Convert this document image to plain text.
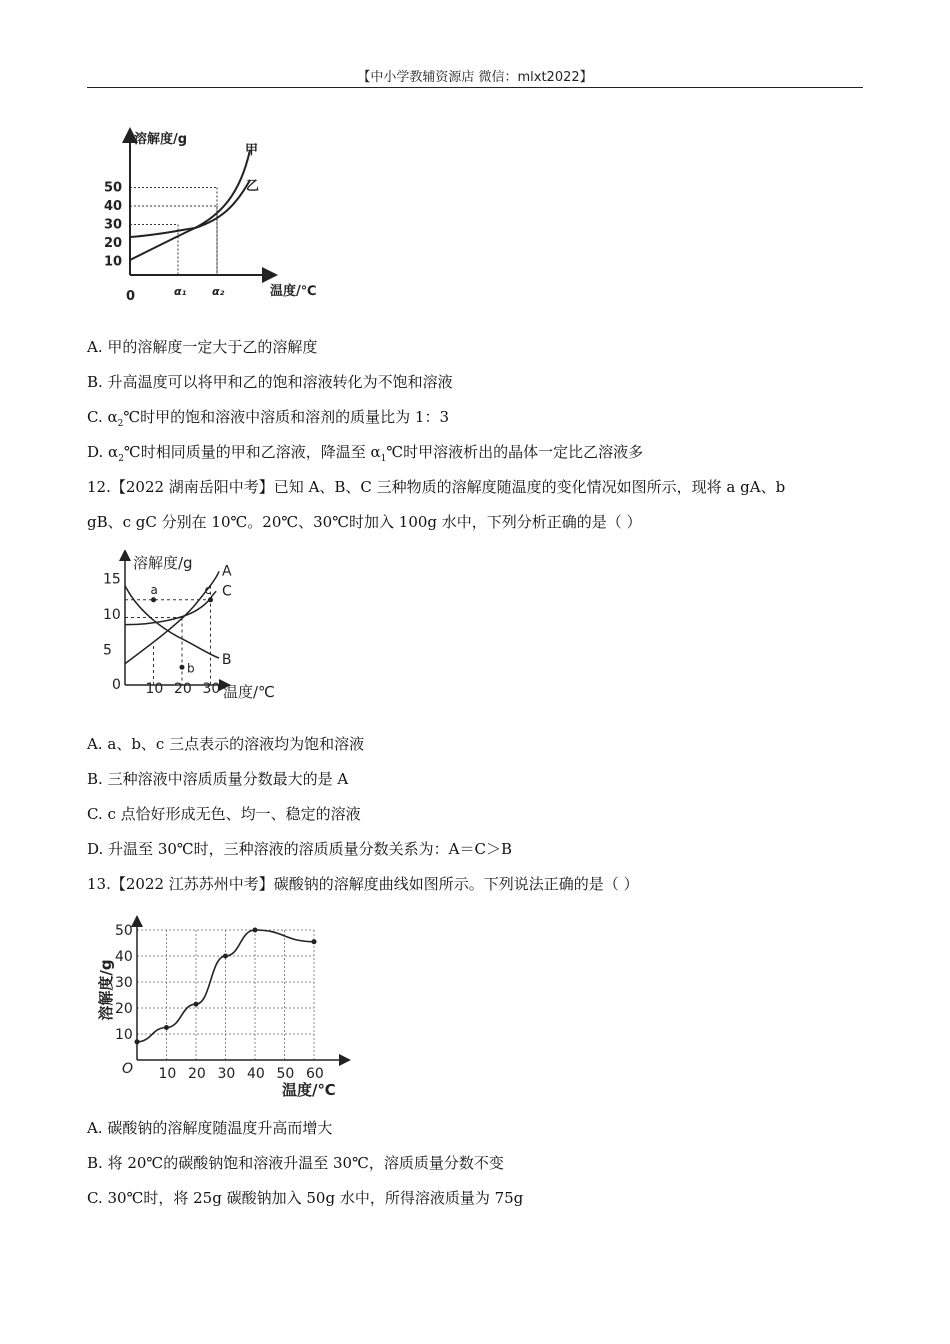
【中小学教辅资源店 微信：mlxt2022】
溶解度/g
温度/℃
0
10
20
30
40
50
甲
乙
α₁ α₂
A. 甲的溶解度一定大于乙的溶解度
B. 升高温度可以将甲和乙的饱和溶液转化为不饱和溶液
C. $\alpha_2℃$时甲的饱和溶液中溶质和溶剂的质量比为 1：3
D. $\alpha_2℃$时相同质量的甲和乙溶液，降温至 $\alpha_1℃$时甲溶液析出的晶体一定比乙溶液多
12.【2022 湖南岳阳中考】已知 A、B、C 三种物质的溶解度随温度的变化情况如图所示，现将 a gA、b
gB、c gC 分别在 10℃。20℃、30℃时加入 100g 水中，下列分析正确的是（ ）
溶解度/g
温度/℃
0
5
10
15
10 20 30
A
B
C
a
b
c
A. a、b、c 三点表示的溶液均为饱和溶液
B. 三种溶液中溶质质量分数最大的是 A
C. c 点恰好形成无色、均一、稳定的溶液
D. 升温至 30℃时，三种溶液的溶质质量分数关系为：A＝C＞B
13.【2022 江苏苏州中考】碳酸钠的溶解度曲线如图所示。下列说法正确的是（ ）
10
20
30
40
50
10 20 30 40 50 60
溶解度/g
温度/℃
O
A. 碳酸钠的溶解度随温度升高而增大
B. 将 20℃的碳酸钠饱和溶液升温至 30℃，溶质质量分数不变
C. 30℃时，将 25g 碳酸钠加入 50g 水中，所得溶液质量为 75g
